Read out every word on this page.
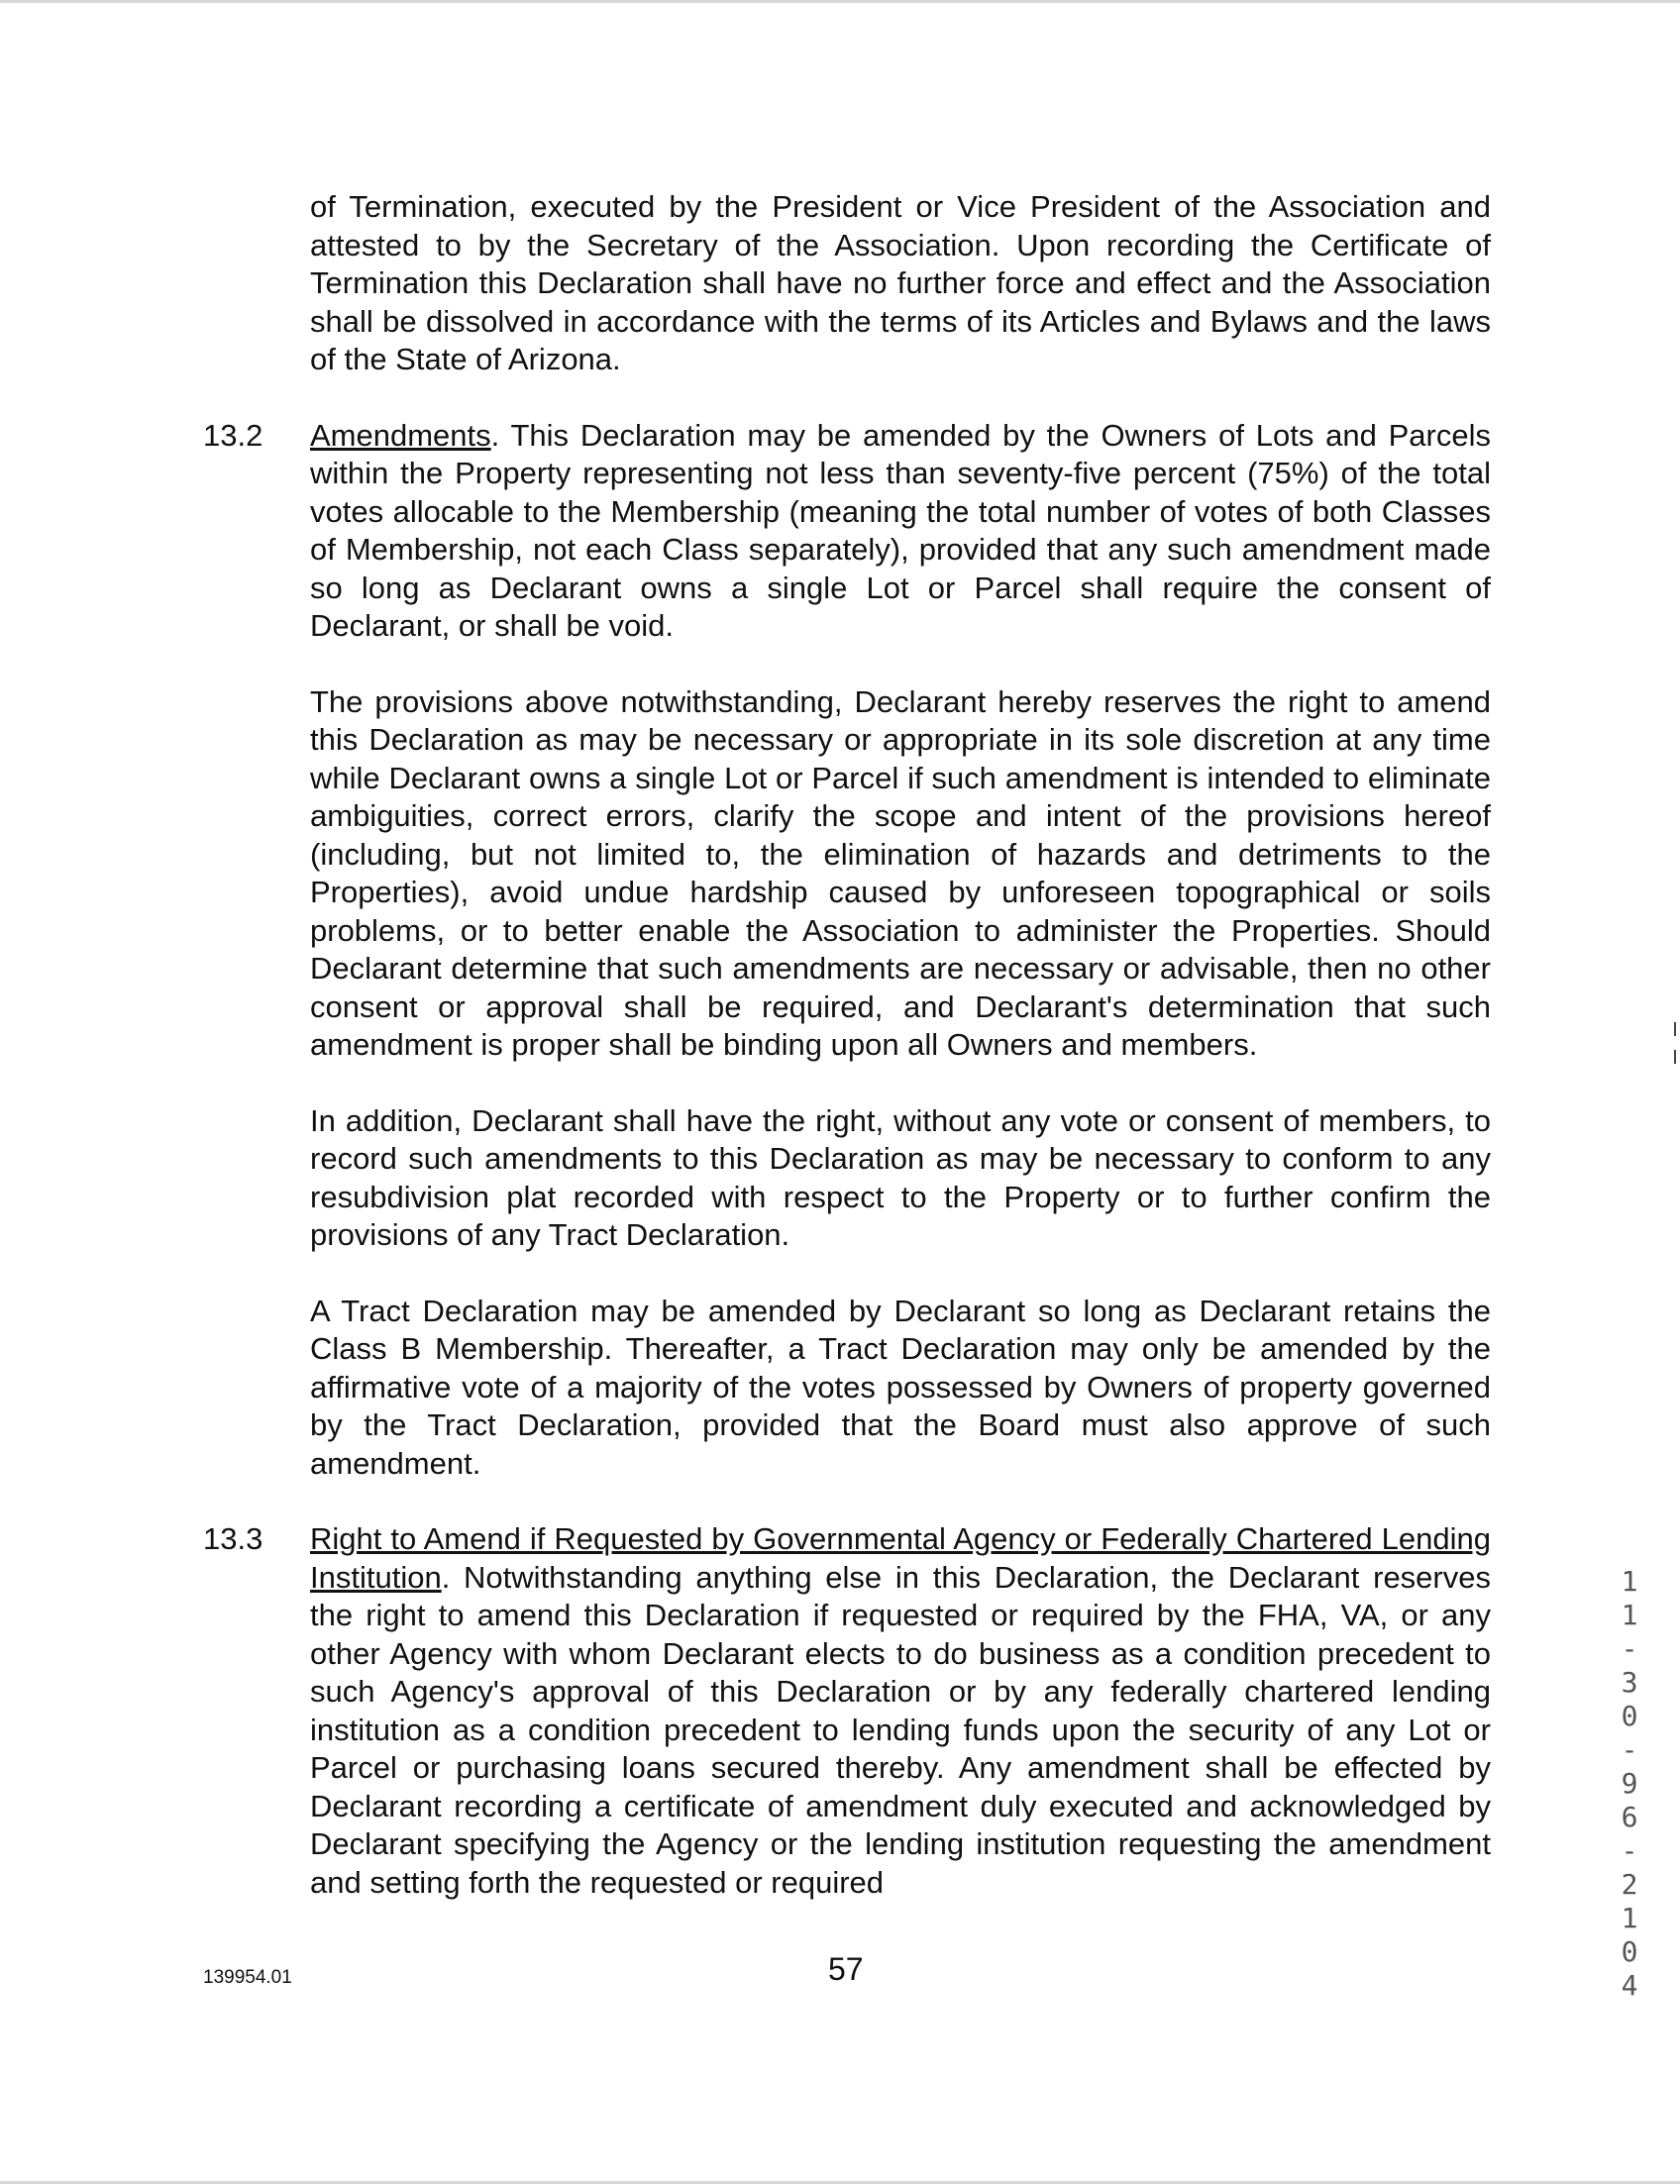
of Termination, executed by the President or Vice President of the Association and attested to by the Secretary of the Association. Upon recording the Certificate of Termination this Declaration shall have no further force and effect and the Association shall be dissolved in accordance with the terms of its Articles and Bylaws and the laws of the State of Arizona.

13.2 Amendments. This Declaration may be amended by the Owners of Lots and Parcels within the Property representing not less than seventy-five percent (75%) of the total votes allocable to the Membership (meaning the total number of votes of both Classes of Membership, not each Class separately), provided that any such amendment made so long as Declarant owns a single Lot or Parcel shall require the consent of Declarant, or shall be void.

The provisions above notwithstanding, Declarant hereby reserves the right to amend this Declaration as may be necessary or appropriate in its sole discretion at any time while Declarant owns a single Lot or Parcel if such amendment is intended to eliminate ambiguities, correct errors, clarify the scope and intent of the provisions hereof (including, but not limited to, the elimination of hazards and detriments to the Properties), avoid undue hardship caused by unforeseen topographical or soils problems, or to better enable the Association to administer the Properties. Should Declarant determine that such amendments are necessary or advisable, then no other consent or approval shall be required, and Declarant's determination that such amendment is proper shall be binding upon all Owners and members.

In addition, Declarant shall have the right, without any vote or consent of members, to record such amendments to this Declaration as may be necessary to conform to any resubdivision plat recorded with respect to the Property or to further confirm the provisions of any Tract Declaration.

A Tract Declaration may be amended by Declarant so long as Declarant retains the Class B Membership. Thereafter, a Tract Declaration may only be amended by the affirmative vote of a majority of the votes possessed by Owners of property governed by the Tract Declaration, provided that the Board must also approve of such amendment.

13.3 Right to Amend if Requested by Governmental Agency or Federally Chartered Lending Institution. Notwithstanding anything else in this Declaration, the Declarant reserves the right to amend this Declaration if requested or required by the FHA, VA, or any other Agency with whom Declarant elects to do business as a condition precedent to such Agency's approval of this Declaration or by any federally chartered lending institution as a condition precedent to lending funds upon the security of any Lot or Parcel or purchasing loans secured thereby. Any amendment shall be effected by Declarant recording a certificate of amendment duly executed and acknowledged by Declarant specifying the Agency or the lending institution requesting the amendment and setting forth the requested or required

11-30-96-2104
139954.01	57
